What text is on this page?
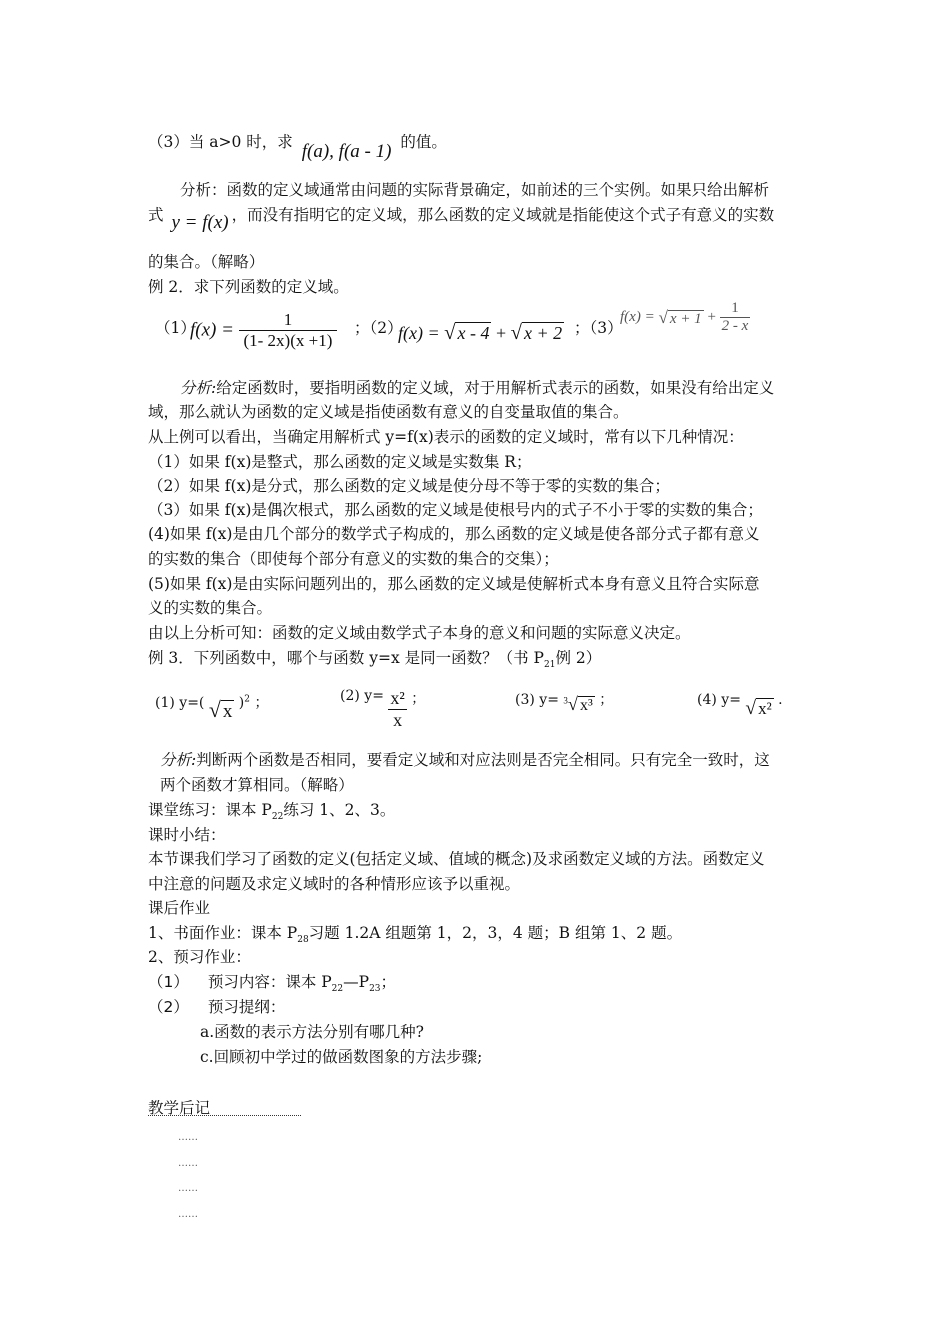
（3）当 a>0 时，求 f(a), f(a - 1) 的值。
分析：函数的定义域通常由问题的实际背景确定，如前述的三个实例。如果只给出解析
式 y = f(x) ，而没有指明它的定义域，那么函数的定义域就是指能使这个式子有意义的实数
的集合。（解略）
例 2．求下列函数的定义域。
（1）
$f(x) = \frac{1}{(1- 2x)(x +1)}$ ；（2）
f(x) = √ x - 4 + √ x + 2 ；（3）
f(x) = √ $x + 1 + \frac{1}{2 - x}$
分析:给定函数时，要指明函数的定义域，对于用解析式表示的函数，如果没有给出定义
域，那么就认为函数的定义域是指使函数有意义的自变量取值的集合。
从上例可以看出，当确定用解析式 y=f(x)表示的函数的定义域时，常有以下几种情况：
（1）如果 f(x)是整式，那么函数的定义域是实数集 R；
（2）如果 f(x)是分式，那么函数的定义域是使分母不等于零的实数的集合；
（3）如果 f(x)是偶次根式，那么函数的定义域是使根号内的式子不小于零的实数的集合；
(4)如果 f(x)是由几个部分的数学式子构成的，那么函数的定义域是使各部分式子都有意义
的实数的集合（即使每个部分有意义的实数的集合的交集）；
(5)如果 f(x)是由实际问题列出的，那么函数的定义域是使解析式本身有意义且符合实际意
义的实数的集合。
由以上分析可知：函数的定义域由数学式子本身的意义和问题的实际意义决定。
例 3．下列函数中，哪个与函数 y=x 是同一函数？（书 $P_{21}$例 2）
(1) y=( √ x )$^2$ ；	(2) $y= \frac{\text{x²}}{x}$ ；	(3) y= $^3$√ x³ ；	(4) y= √ x² .
分析:判断两个函数是否相同，要看定义域和对应法则是否完全相同。只有完全一致时，这
两个函数才算相同。（解略）
课堂练习：课本 $P_{22}$练习 1、2、3。
课时小结：
本节课我们学习了函数的定义(包括定义域、值域的概念)及求函数定义域的方法。函数定义
中注意的问题及求定义域时的各种情形应该予以重视。
课后作业
1、书面作业：课本 $P_{28}$习题 1.2A 组题第 1，2，3，4 题；B 组第 1、2 题。
2、预习作业：
（1） 预习内容：课本 $P_{22}—P_{23}$；
（2） 预习提纲：
a.函数的表示方法分别有哪几种?
c.回顾初中学过的做函数图象的方法步骤;
教学后记
……
……
……
……
